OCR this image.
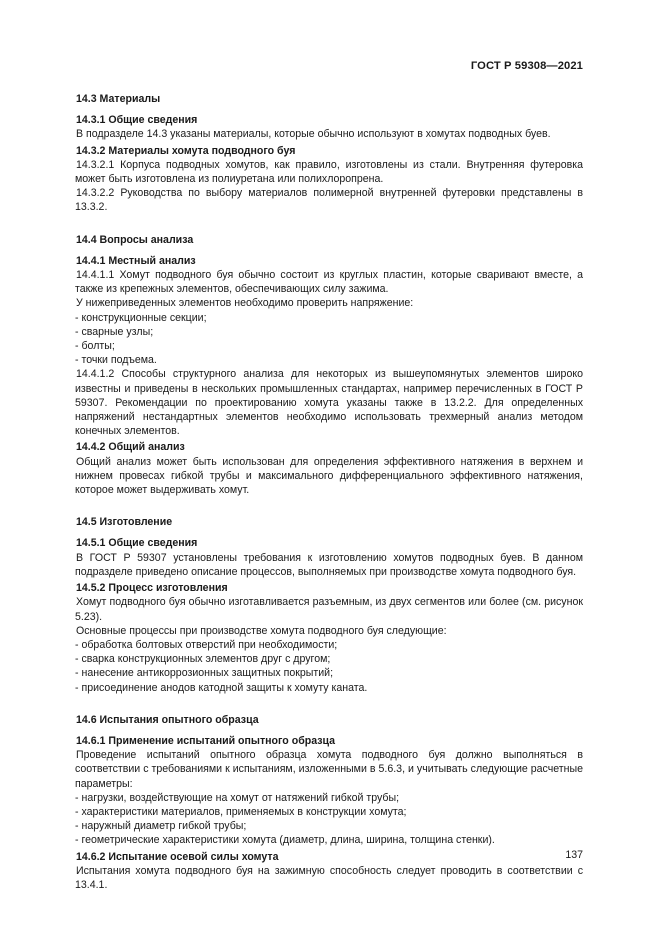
ГОСТ Р 59308—2021

14.3 Материалы

14.3.1 Общие сведения

В подразделе 14.3 указаны материалы, которые обычно используют в хомутах подводных буев.

14.3.2 Материалы хомута подводного буя

14.3.2.1 Корпуса подводных хомутов, как правило, изготовлены из стали. Внутренняя футеровка может быть изготовлена из полиуретана или полихлоропрена.

14.3.2.2 Руководства по выбору материалов полимерной внутренней футеровки представлены в 13.3.2.

14.4 Вопросы анализа

14.4.1 Местный анализ

14.4.1.1 Хомут подводного буя обычно состоит из круглых пластин, которые сваривают вместе, а также из крепежных элементов, обеспечивающих силу зажима.

У нижеприведенных элементов необходимо проверить напряжение:

- конструкционные секции;

- сварные узлы;

- болты;

- точки подъема.

14.4.1.2 Способы структурного анализа для некоторых из вышеупомянутых элементов широко известны и приведены в нескольких промышленных стандартах, например перечисленных в ГОСТ Р 59307. Рекомендации по проектированию хомута указаны также в 13.2.2. Для определенных напряжений нестандартных элементов необходимо использовать трехмерный анализ методом конечных элементов.

14.4.2 Общий анализ

Общий анализ может быть использован для определения эффективного натяжения в верхнем и нижнем провесах гибкой трубы и максимального дифференциального эффективного натяжения, которое может выдерживать хомут.

14.5 Изготовление

14.5.1 Общие сведения

В ГОСТ Р 59307 установлены требования к изготовлению хомутов подводных буев. В данном подразделе приведено описание процессов, выполняемых при производстве хомута подводного буя.

14.5.2 Процесс изготовления

Хомут подводного буя обычно изготавливается разъемным, из двух сегментов или более (см. рисунок 5.23).

Основные процессы при производстве хомута подводного буя следующие:

- обработка болтовых отверстий при необходимости;

- сварка конструкционных элементов друг с другом;

- нанесение антикоррозионных защитных покрытий;

- присоединение анодов катодной защиты к хомуту каната.

14.6 Испытания опытного образца

14.6.1 Применение испытаний опытного образца

Проведение испытаний опытного образца хомута подводного буя должно выполняться в соответствии с требованиями к испытаниям, изложенными в 5.6.3, и учитывать следующие расчетные параметры:

- нагрузки, воздействующие на хомут от натяжений гибкой трубы;

- характеристики материалов, применяемых в конструкции хомута;

- наружный диаметр гибкой трубы;

- геометрические характеристики хомута (диаметр, длина, ширина, толщина стенки).

14.6.2 Испытание осевой силы хомута

Испытания хомута подводного буя на зажимную способность следует проводить в соответствии с 13.4.1.

137
